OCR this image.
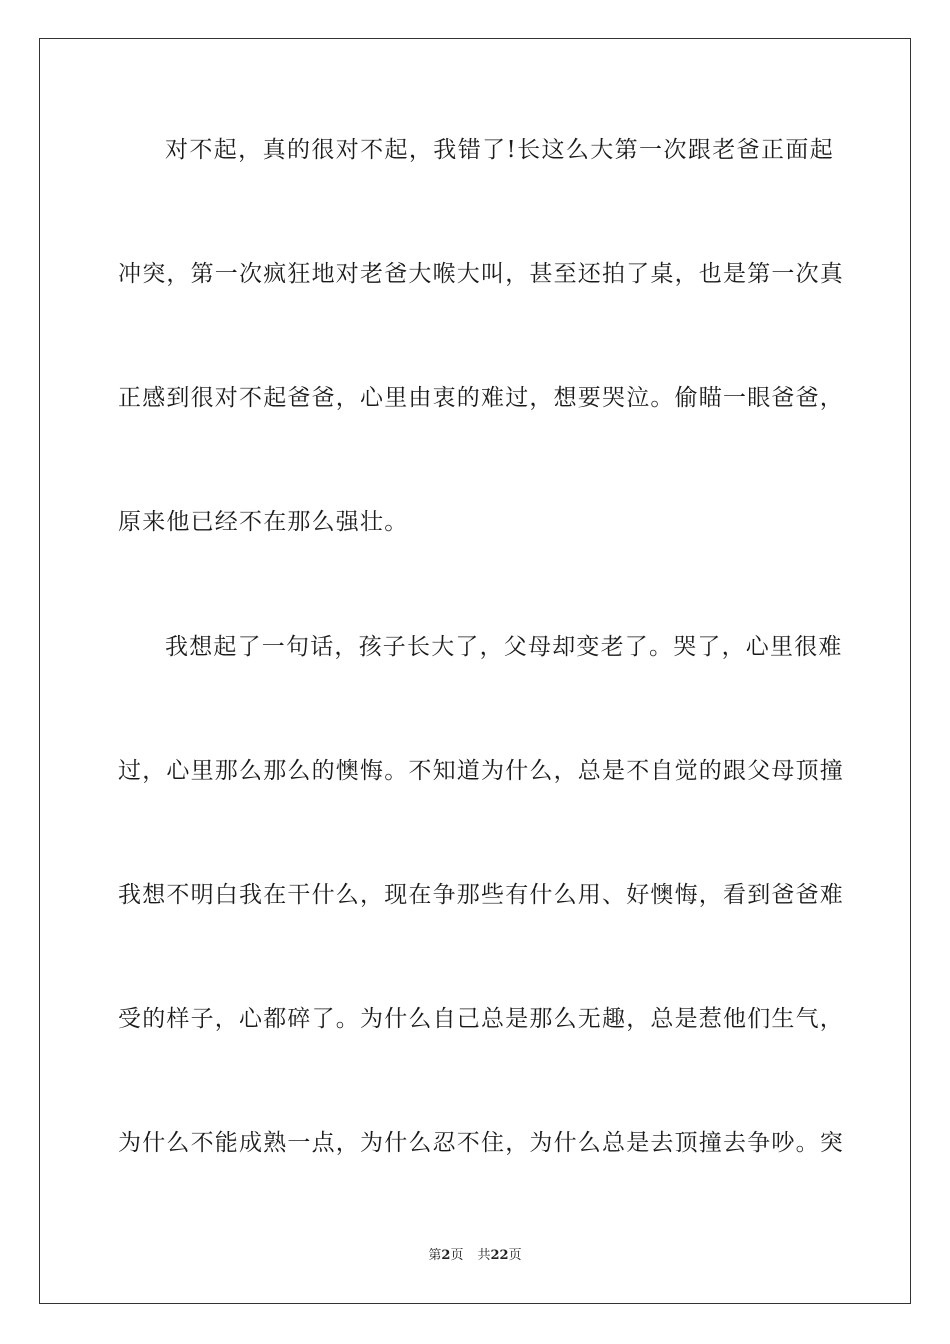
对不起，真的很对不起，我错了!长这么大第一次跟老爸正面起
冲突，第一次疯狂地对老爸大喉大叫，甚至还拍了桌，也是第一次真
正感到很对不起爸爸，心里由衷的难过，想要哭泣。偷瞄一眼爸爸，
原来他已经不在那么强壮。
我想起了一句话，孩子长大了，父母却变老了。哭了，心里很难
过，心里那么那么的懊悔。不知道为什么，总是不自觉的跟父母顶撞
我想不明白我在干什么，现在争那些有什么用、好懊悔，看到爸爸难
受的样子，心都碎了。为什么自己总是那么无趣，总是惹他们生气，
为什么不能成熟一点，为什么忍不住，为什么总是去顶撞去争吵。突
第2页 共22页
